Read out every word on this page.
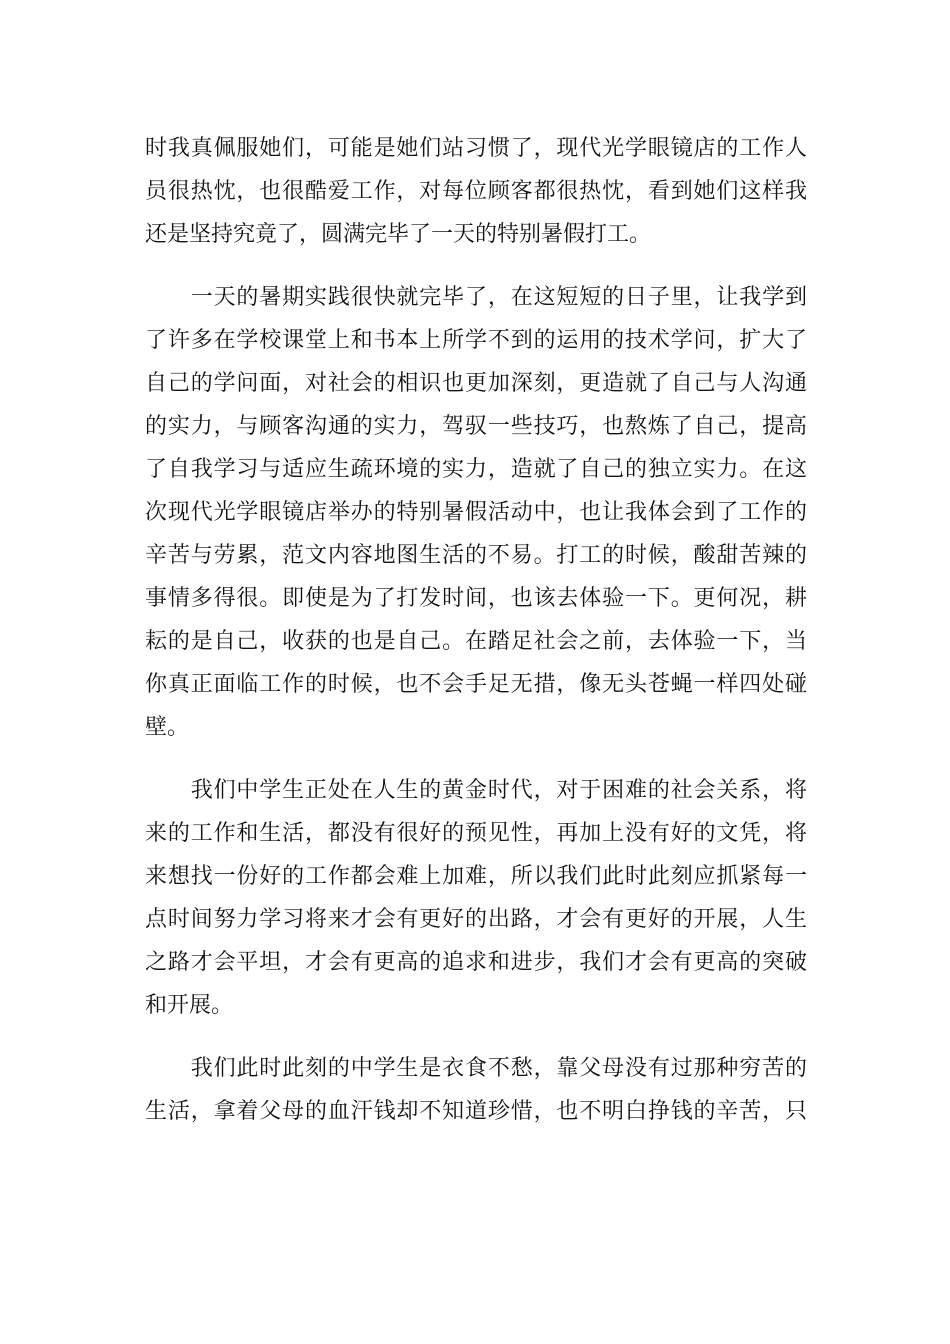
时我真佩服她们，可能是她们站习惯了，现代光学眼镜店的工作人
员很热忱，也很酷爱工作，对每位顾客都很热忱，看到她们这样我
还是坚持究竟了，圆满完毕了一天的特别暑假打工。
　　一天的暑期实践很快就完毕了，在这短短的日子里，让我学到
了许多在学校课堂上和书本上所学不到的运用的技术学问，扩大了
自己的学问面，对社会的相识也更加深刻，更造就了自己与人沟通
的实力，与顾客沟通的实力，驾驭一些技巧，也熬炼了自己，提高
了自我学习与适应生疏环境的实力，造就了自己的独立实力。在这
次现代光学眼镜店举办的特别暑假活动中，也让我体会到了工作的
辛苦与劳累，范文内容地图生活的不易。打工的时候，酸甜苦辣的
事情多得很。即使是为了打发时间，也该去体验一下。更何况，耕
耘的是自己，收获的也是自己。在踏足社会之前，去体验一下，当
你真正面临工作的时候，也不会手足无措，像无头苍蝇一样四处碰
壁。
　　我们中学生正处在人生的黄金时代，对于困难的社会关系，将
来的工作和生活，都没有很好的预见性，再加上没有好的文凭，将
来想找一份好的工作都会难上加难，所以我们此时此刻应抓紧每一
点时间努力学习将来才会有更好的出路，才会有更好的开展，人生
之路才会平坦，才会有更高的追求和进步，我们才会有更高的突破
和开展。
　　我们此时此刻的中学生是衣食不愁，靠父母没有过那种穷苦的
生活，拿着父母的血汗钱却不知道珍惜，也不明白挣钱的辛苦，只
